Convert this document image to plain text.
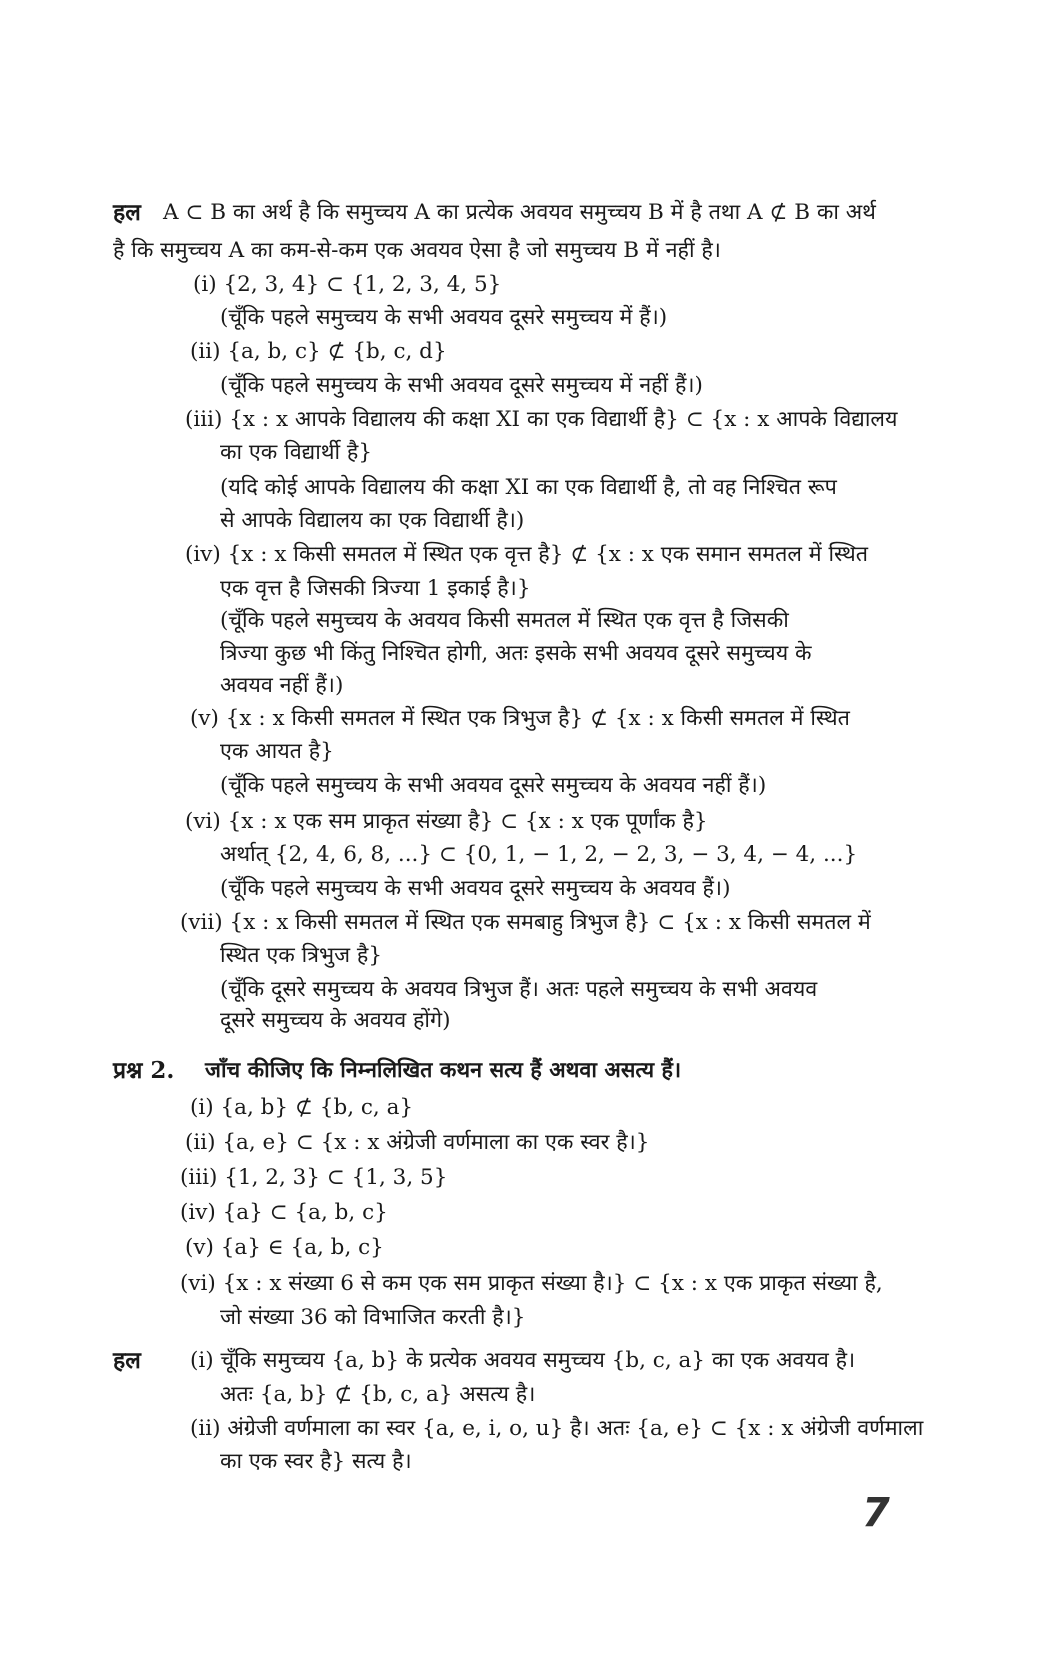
हल A ⊂ B का अर्थ है कि समुच्चय A का प्रत्येक अवयव समुच्चय B में है तथा A ⊄ B का अर्थ
है कि समुच्चय A का कम-से-कम एक अवयव ऐसा है जो समुच्चय B में नहीं है।
(i) {2, 3, 4} ⊂ {1, 2, 3, 4, 5}
(चूँकि पहले समुच्चय के सभी अवयव दूसरे समुच्चय में हैं।)
(ii) {a, b, c} ⊄ {b, c, d}
(चूँकि पहले समुच्चय के सभी अवयव दूसरे समुच्चय में नहीं हैं।)
(iii) {x : x आपके विद्यालय की कक्षा XI का एक विद्यार्थी है} ⊂ {x : x आपके विद्यालय
का एक विद्यार्थी है}
(यदि कोई आपके विद्यालय की कक्षा XI का एक विद्यार्थी है, तो वह निश्चित रूप
से आपके विद्यालय का एक विद्यार्थी है।)
(iv) {x : x किसी समतल में स्थित एक वृत्त है} ⊄ {x : x एक समान समतल में स्थित
एक वृत्त है जिसकी त्रिज्या 1 इकाई है।}
(चूँकि पहले समुच्चय के अवयव किसी समतल में स्थित एक वृत्त है जिसकी
त्रिज्या कुछ भी किंतु निश्चित होगी, अतः इसके सभी अवयव दूसरे समुच्चय के
अवयव नहीं हैं।)
(v) {x : x किसी समतल में स्थित एक त्रिभुज है} ⊄ {x : x किसी समतल में स्थित
एक आयत है}
(चूँकि पहले समुच्चय के सभी अवयव दूसरे समुच्चय के अवयव नहीं हैं।)
(vi) {x : x एक सम प्राकृत संख्या है} ⊂ {x : x एक पूर्णांक है}
अर्थात् {2, 4, 6, 8, ...} ⊂ {0, 1, − 1, 2, − 2, 3, − 3, 4, − 4, ...}
(चूँकि पहले समुच्चय के सभी अवयव दूसरे समुच्चय के अवयव हैं।)
(vii) {x : x किसी समतल में स्थित एक समबाहु त्रिभुज है} ⊂ {x : x किसी समतल में
स्थित एक त्रिभुज है}
(चूँकि दूसरे समुच्चय के अवयव त्रिभुज हैं। अतः पहले समुच्चय के सभी अवयव
दूसरे समुच्चय के अवयव होंगे)
प्रश्न 2. जाँच कीजिए कि निम्नलिखित कथन सत्य हैं अथवा असत्य हैं।
(i) {a, b} ⊄ {b, c, a}
(ii) {a, e} ⊂ {x : x अंग्रेजी वर्णमाला का एक स्वर है।}
(iii) {1, 2, 3} ⊂ {1, 3, 5}
(iv) {a} ⊂ {a, b, c}
(v) {a} ∈ {a, b, c}
(vi) {x : x संख्या 6 से कम एक सम प्राकृत संख्या है।} ⊂ {x : x एक प्राकृत संख्या है,
जो संख्या 36 को विभाजित करती है।}
हल (i) चूँकि समुच्चय {a, b} के प्रत्येक अवयव समुच्चय {b, c, a} का एक अवयव है।
अतः {a, b} ⊄ {b, c, a} असत्य है।
(ii) अंग्रेजी वर्णमाला का स्वर {a, e, i, o, u} है। अतः {a, e} ⊂ {x : x अंग्रेजी वर्णमाला
का एक स्वर है} सत्य है।
7
